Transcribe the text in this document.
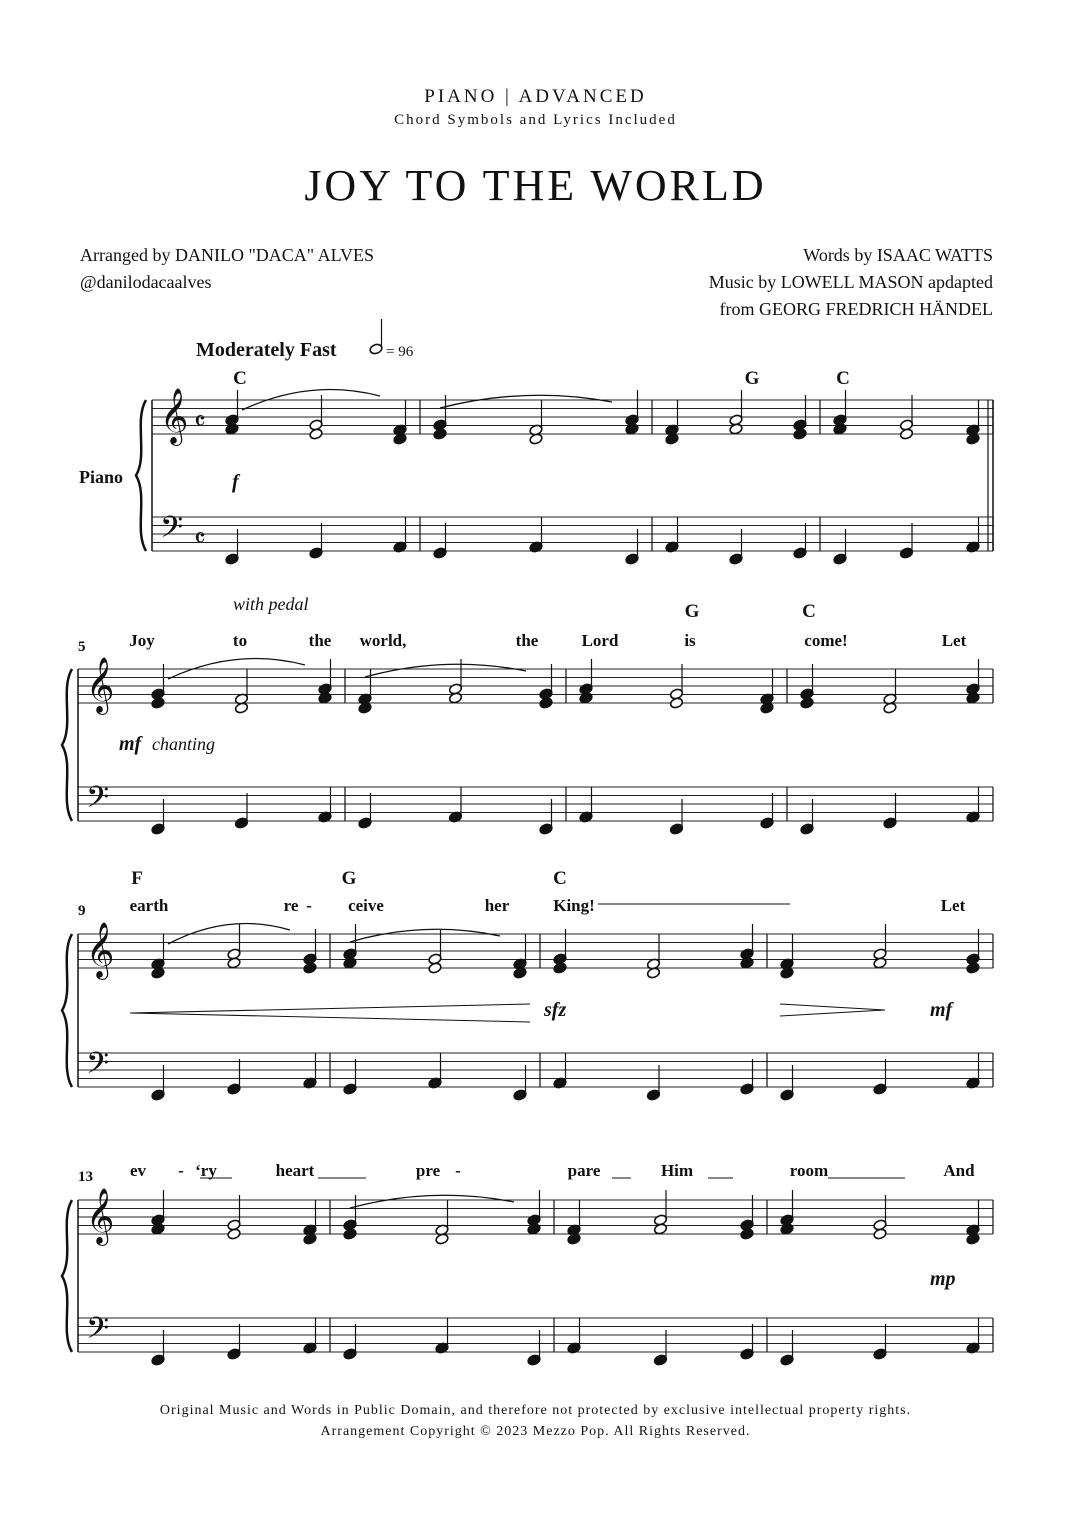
PIANO | ADVANCED
Chord Symbols and Lyrics Included
JOY TO THE WORLD
Arranged by DANILO "DACA" ALVES
@danilodacaalves
Words by ISAAC WATTS
Music by LOWELL MASON apdapted
from GEORG FREDRICH HÄNDEL
Moderately Fast	= 96
Piano
𝄞
𝄢
𝄴
𝄴
𝄞
𝄢
5
𝄞
𝄢
9
𝄞
𝄢
13
C	G	C
G	C
F	G	C
Joy	to	the world,	the	Lord	is	come!	Let
earth	re - ceive	her	King!	Let
ev - ‘ry	heart	pre -	pare	Him	room	And
f
mf
sfz	mf
mp
with pedal
chanting
Original Music and Words in Public Domain, and therefore not protected by exclusive intellectual property rights.
Arrangement Copyright © 2023 Mezzo Pop. All Rights Reserved.
